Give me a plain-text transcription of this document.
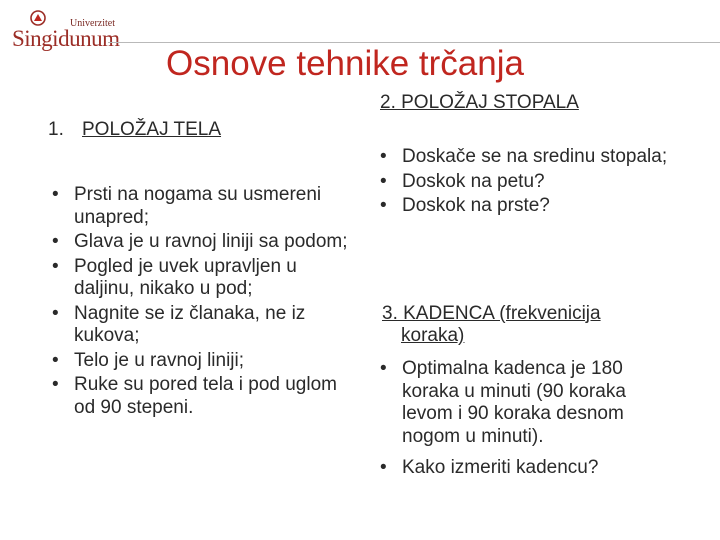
Univerzitet
Singidunum
Osnove tehnike trčanja
1. POLOŽAJ TELA
• Prsti na nogama su usmereni unapred;
• Glava je u ravnoj liniji sa podom;
• Pogled je uvek upravljen u daljinu, nikako u pod;
• Nagnite se iz članaka, ne iz kukova;
• Telo je u ravnoj liniji;
• Ruke su pored tela i pod uglom od 90 stepeni.
2. POLOŽAJ STOPALA
• Doskače se na sredinu stopala;
• Doskok na petu?
• Doskok na prste?
3. KADENCA (frekvenicija
koraka)
• Optimalna kadenca je 180 koraka u minuti (90 koraka levom i 90 koraka desnom nogom u minuti).
• Kako izmeriti kadencu?
